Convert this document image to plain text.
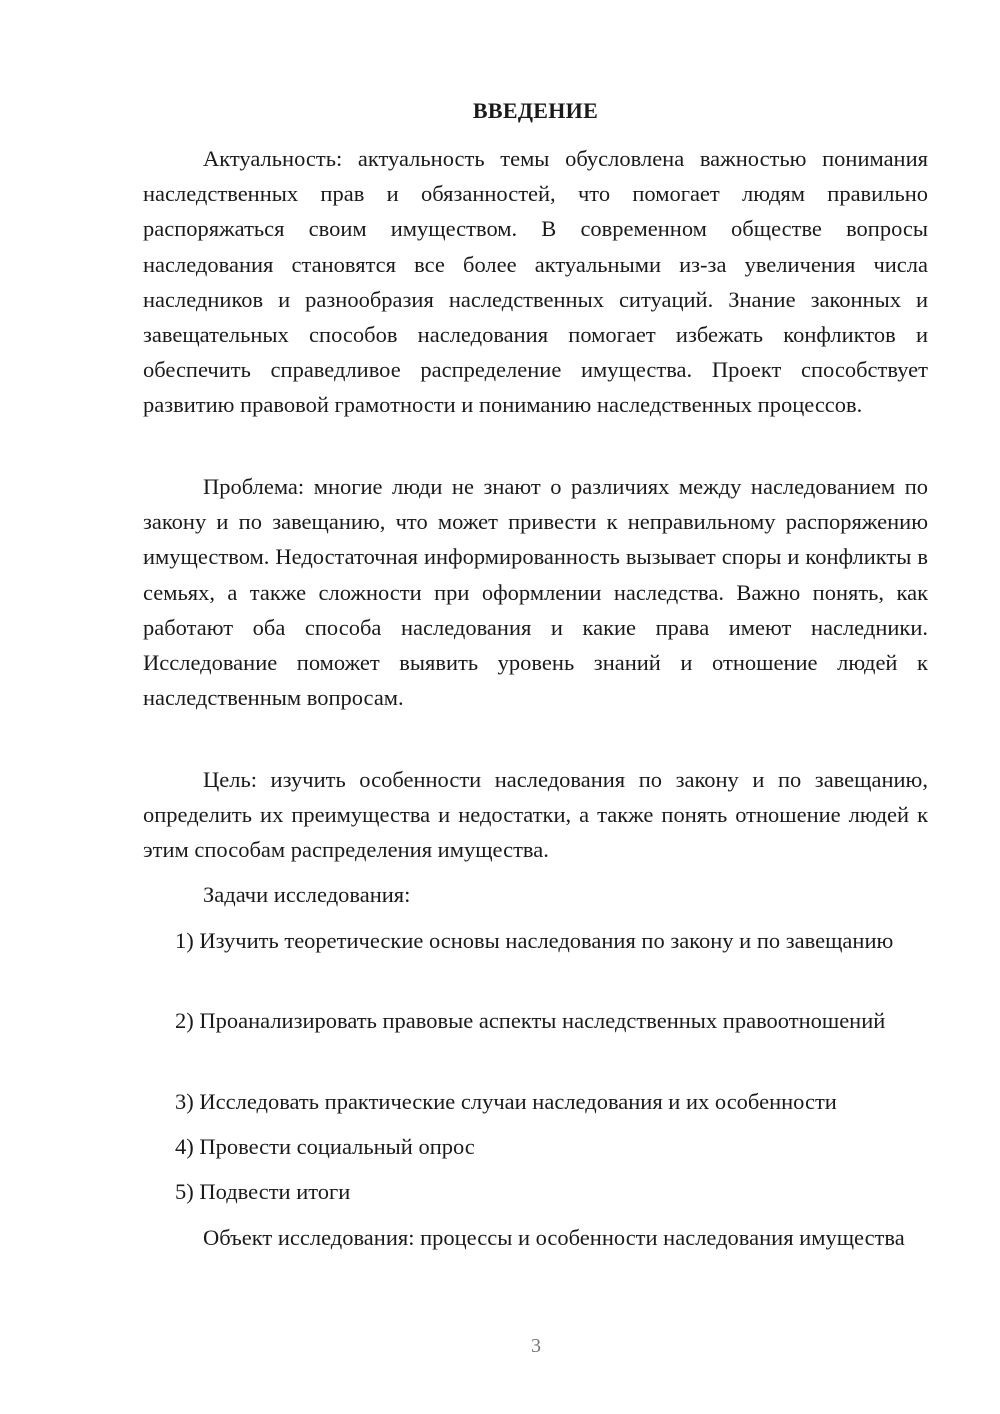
ВВЕДЕНИЕ

Актуальность: актуальность темы обусловлена важностью понимания наследственных прав и обязанностей, что помогает людям правильно распоряжаться своим имуществом. В современном обществе вопросы наследования становятся все более актуальными из-за увеличения числа наследников и разнообразия наследственных ситуаций. Знание законных и завещательных способов наследования помогает избежать конфликтов и обеспечить справедливое распределение имущества. Проект способствует развитию правовой грамотности и пониманию наследственных процессов.

Проблема: многие люди не знают о различиях между наследованием по закону и по завещанию, что может привести к неправильному распоряжению имуществом. Недостаточная информированность вызывает споры и конфликты в семьях, а также сложности при оформлении наследства. Важно понять, как работают оба способа наследования и какие права имеют наследники. Исследование поможет выявить уровень знаний и отношение людей к наследственным вопросам.

Цель: изучить особенности наследования по закону и по завещанию, определить их преимущества и недостатки, а также понять отношение людей к этим способам распределения имущества.

Задачи исследования:

1) Изучить теоретические основы наследования по закону и по завещанию

2) Проанализировать правовые аспекты наследственных правоотношений

3) Исследовать практические случаи наследования и их особенности

4) Провести социальный опрос

5) Подвести итоги

Объект исследования: процессы и особенности наследования имущества

3
